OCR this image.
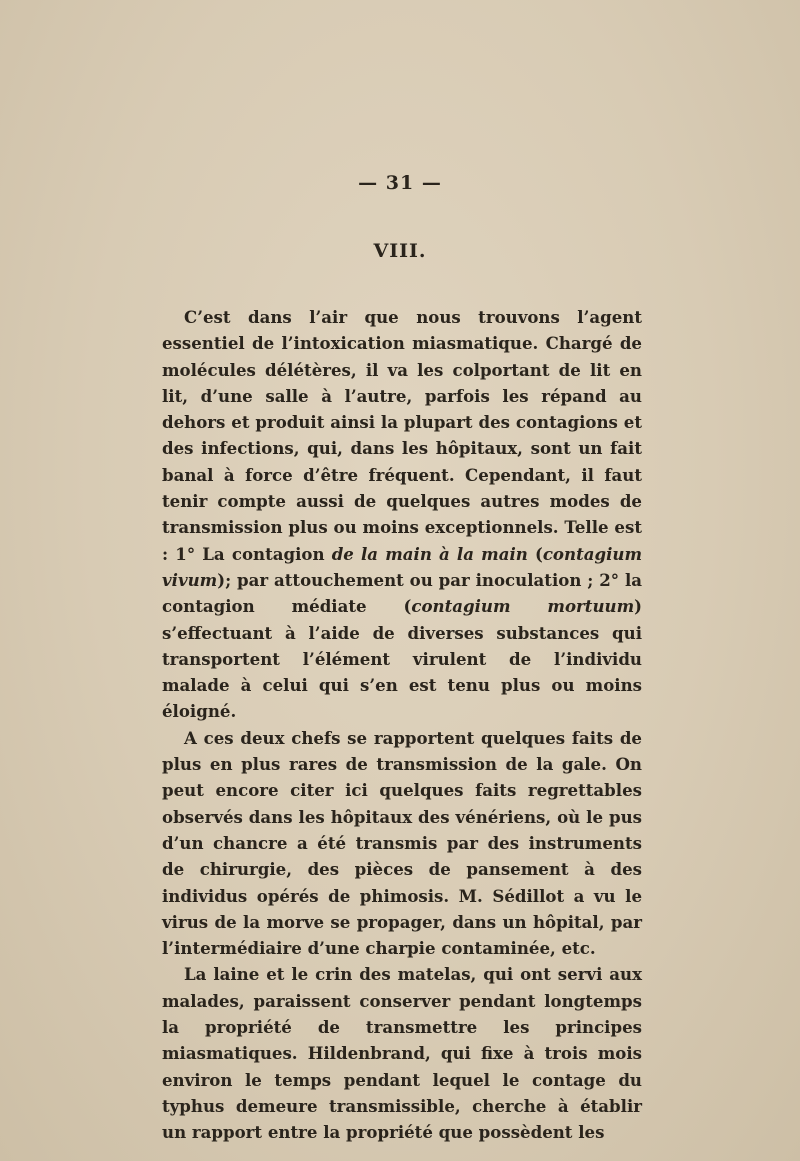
— 31 —
VIII.

C’est dans l’air que nous trouvons l’agent essentiel de l’intoxication miasmatique. Chargé de molécules délétères, il va les colportant de lit en lit, d’une salle à l’autre, parfois les répand au dehors et produit ainsi la plupart des contagions et des infections, qui, dans les hôpitaux, sont un fait banal à force d’être fréquent. Cependant, il faut tenir compte aussi de quelques autres modes de transmission plus ou moins exceptionnels. Telle est : 1° La contagion de la main à la main (contagium vivum); par attouchement ou par inoculation ; 2° la contagion médiate (contagium mortuum) s’effectuant à l’aide de diverses substances qui transportent l’élément virulent de l’individu malade à celui qui s’en est tenu plus ou moins éloigné.

A ces deux chefs se rapportent quelques faits de plus en plus rares de transmission de la gale. On peut encore citer ici quelques faits regrettables observés dans les hôpitaux des vénériens, où le pus d’un chancre a été transmis par des instruments de chirurgie, des pièces de pansement à des individus opérés de phimosis. M. Sédillot a vu le virus de la morve se propager, dans un hôpital, par l’intermédiaire d’une charpie contaminée, etc.

La laine et le crin des matelas, qui ont servi aux malades, paraissent conserver pendant longtemps la propriété de transmettre les principes miasmatiques. Hildenbrand, qui fixe à trois mois environ le temps pendant lequel le contage du typhus demeure transmissible, cherche à établir un rapport entre la propriété que possèdent les
